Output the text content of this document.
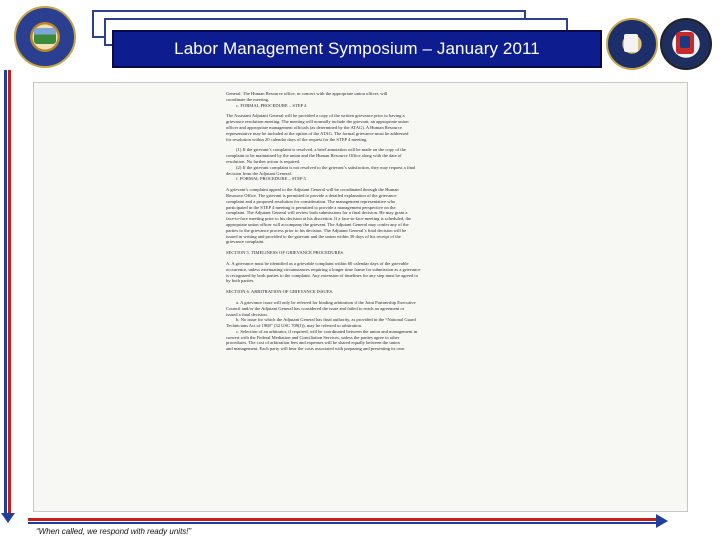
Labor Management Symposium – January 2011
General. The Human Resource office, in concert with the appropriate union officer, will
coordinate the meeting.
c. FORMAL PROCEDURE – STEP 4
The Assistant Adjutant General will be provided a copy of the written grievance prior to having a
grievance resolution meeting. The meeting will normally include the grievant, an appropriate union
officer and appropriate management officials (as determined by the ATAG). A Human Resource
representative may be included at the option of the ATAG. The formal grievance must be addressed
for resolution within 20 calendar days of the request for the STEP 4 meeting.
(1) If the grievant’s complaint is resolved, a brief annotation will be made on the copy of the
complaint to be maintained by the union and the Human Resource Office along with the date of
resolution. No further action is required.
(2) If the grievant complaint is not resolved to the grievant’s satisfaction, they may request a final
decision from the Adjutant General.
f. FORMAL PROCEDURE – STEP 5
A grievant’s complaint appeal to the Adjutant General will be coordinated through the Human
Resource Office. The grievant is permitted to provide a detailed explanation of the grievance
complaint and a proposed resolution for consideration. The management representative who
participated in the STEP 4 meeting is permitted to provide a management perspective on the
complaint. The Adjutant General will review both submissions for a final decision. He may grant a
face-to-face meeting prior to his decision at his discretion. If a face-to-face meeting is scheduled, the
appropriate union officer will accompany the grievant. The Adjutant General may confer any of the
parties to the grievance process prior to his decision. The Adjutant General’s final decision will be
issued in writing and provided to the grievant and the union within 30 days of his receipt of the
grievance complaint.
SECTION 5. TIMELINESS OF GRIEVANCE PROCEDURES.
A. A grievance must be identified as a grievable complaint within 60 calendar days of the grievable
occurrence, unless extenuating circumstances requiring a longer time frame for submission as a grievance
is recognized by both parties to the complaint. Any extension of timelines for any step must be agreed to
by both parties.
SECTION 6. ARBITRATION OF GRIEVANCE ISSUES.
a. A grievance issue will only be referred for binding arbitration if the Joint Partnership Executive
Council and/or the Adjutant General has considered the issue and failed to reach an agreement or
issued a final decision.
b. No issue for which the Adjutant General has final authority, as provided in the “National Guard
Technicians Act of 1968” (32 USC 709(J)), may be referred to arbitration.
c. Selection of an arbitrator, if required, will be coordinated between the union and management in
concert with the Federal Mediation and Conciliation Services, unless the parties agree to other
procedures. The cost of arbitration fees and expenses will be shared equally between the union
and management. Each party will bear the costs associated with preparing and presenting its own
“When called, we respond with ready units!”
